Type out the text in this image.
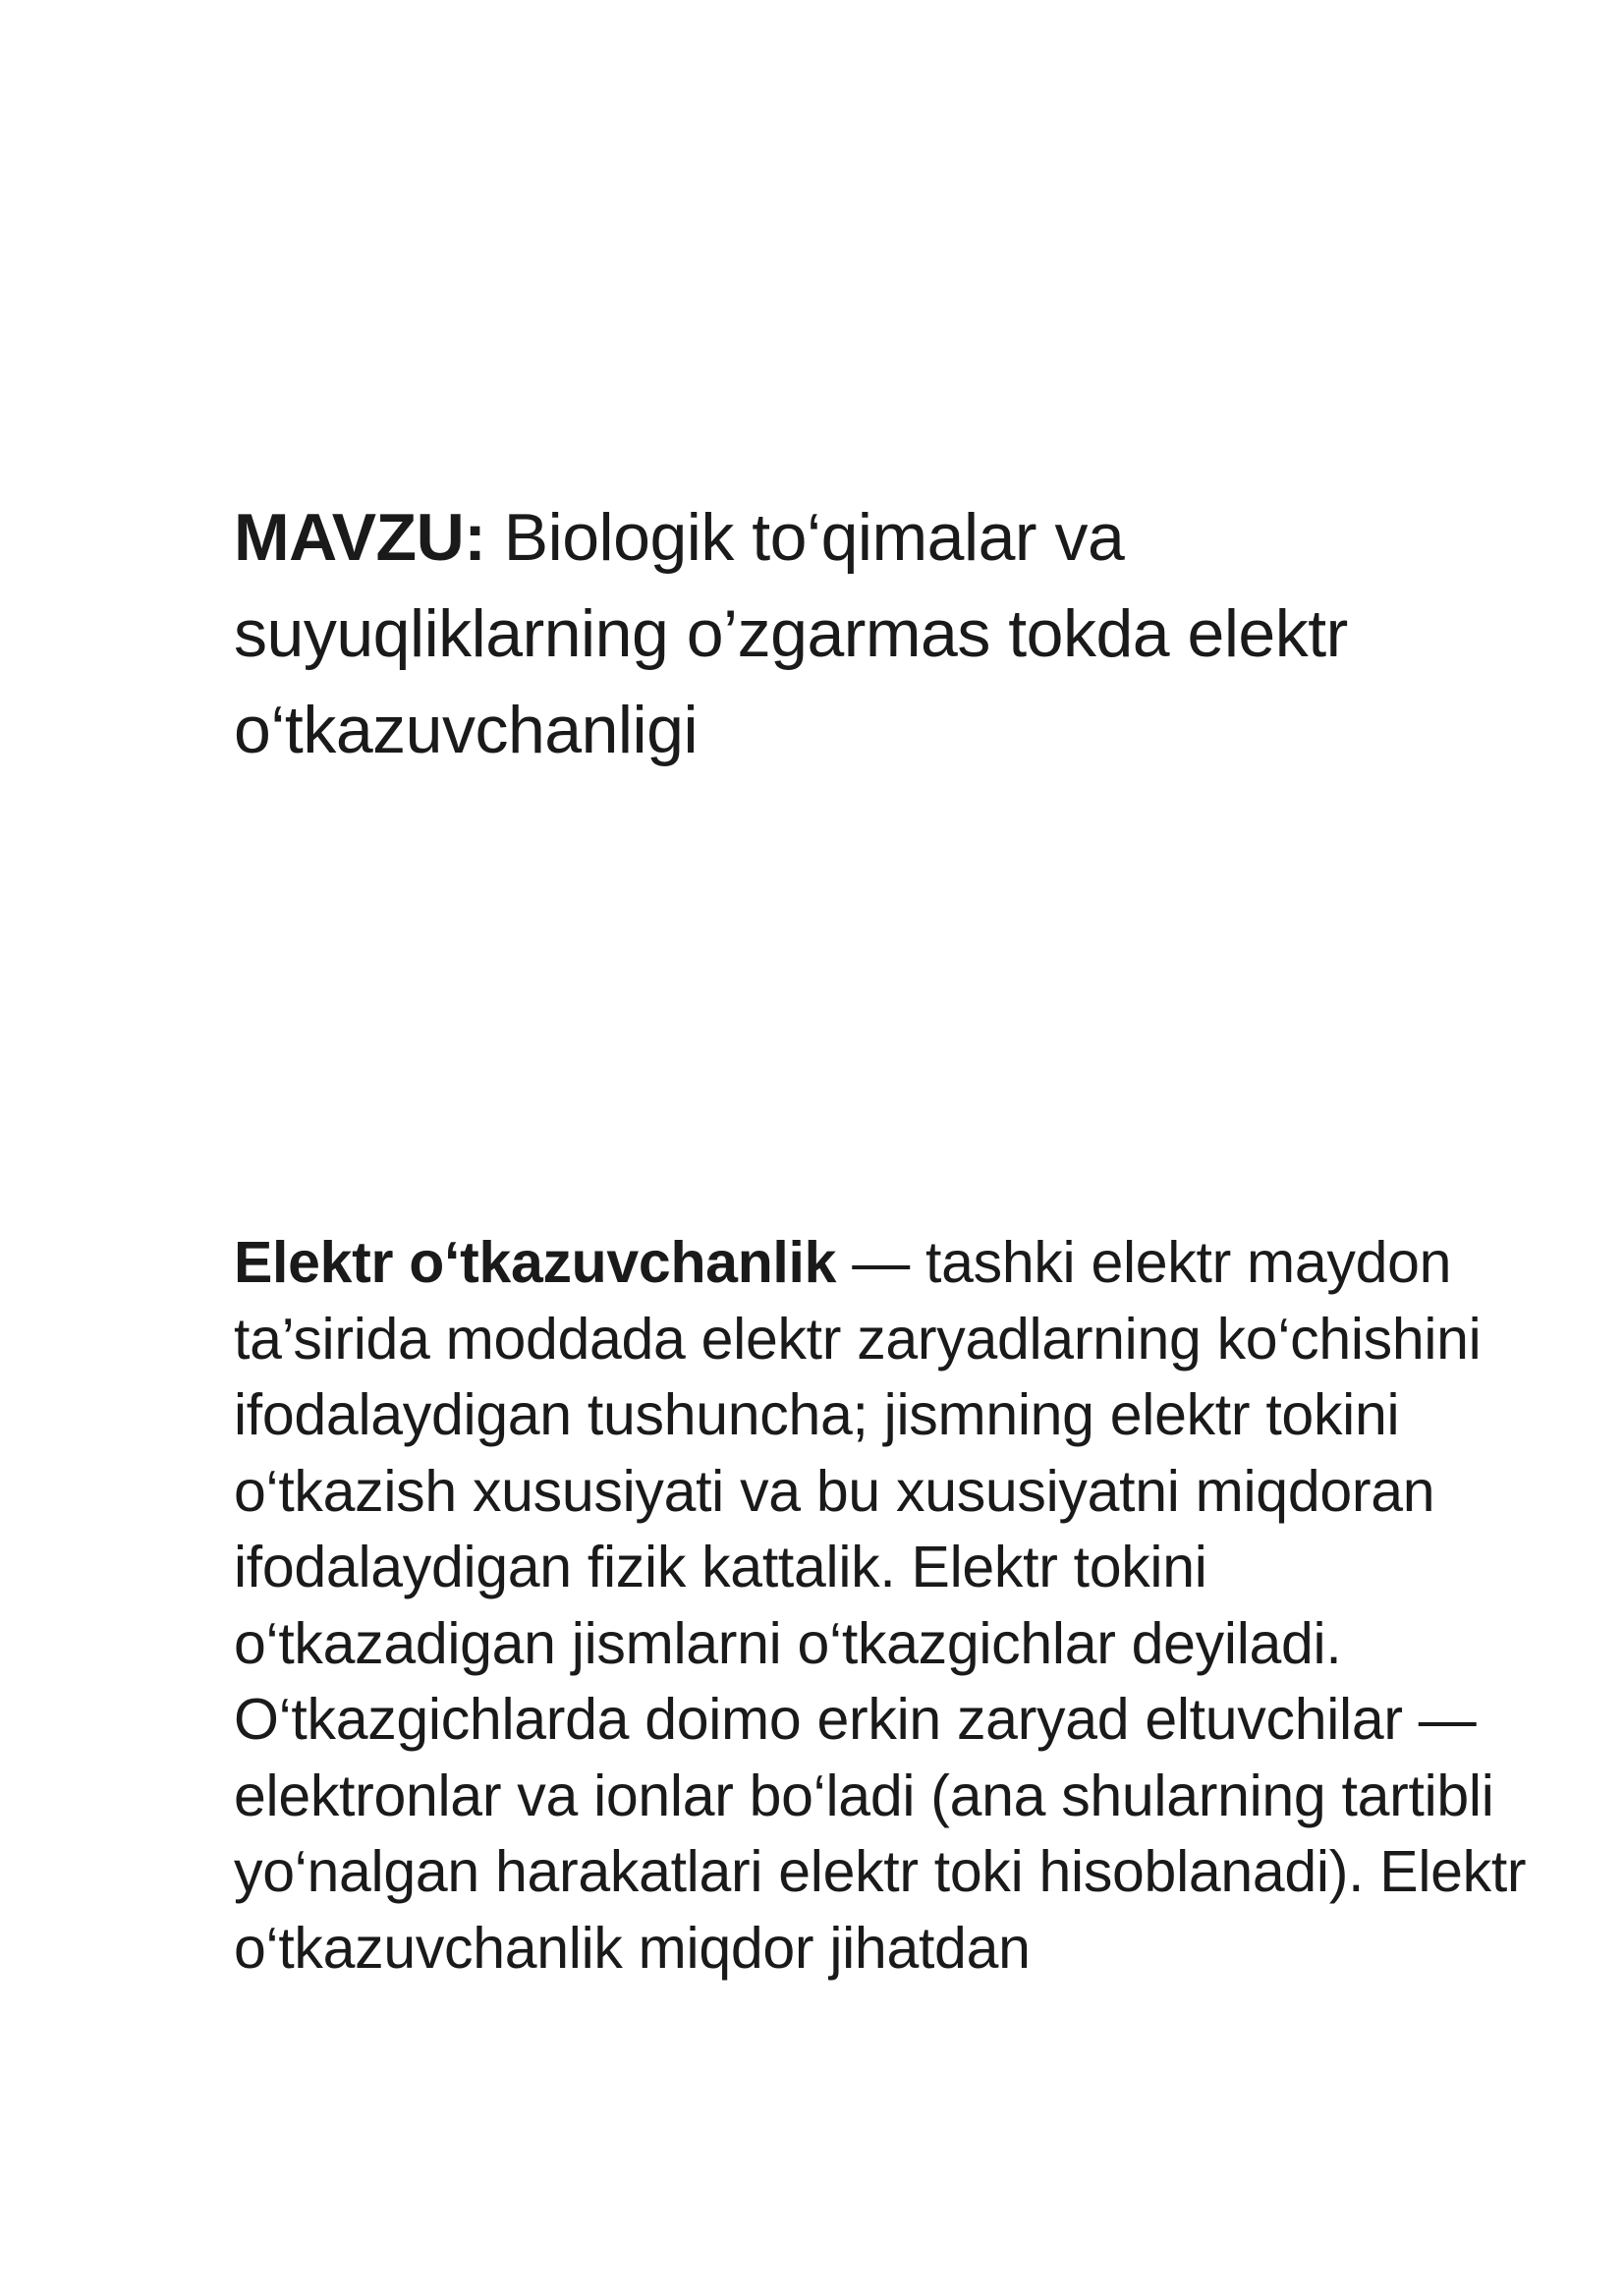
MAVZU: Biologik to‘qimalar va suyuqliklarning o’zgarmas tokda elektr o‘tkazuvchanligi

Elektr o‘tkazuvchanlik — tashki elektr maydon ta’sirida moddada elektr zaryadlarning ko‘chishini ifodalaydigan tushuncha; jismning elektr tokini o‘tkazish xususiyati va bu xususiyatni miqdoran ifodalaydigan fizik kattalik. Elektr tokini o‘tkazadigan jismlarni o‘tkazgichlar deyiladi. O‘tkazgichlarda doimo erkin zaryad eltuvchilar — elektronlar va ionlar bo‘ladi (ana shularning tartibli yo‘nalgan harakatlari elektr toki hisoblanadi). Elektr o‘tkazuvchanlik miqdor jihatdan
